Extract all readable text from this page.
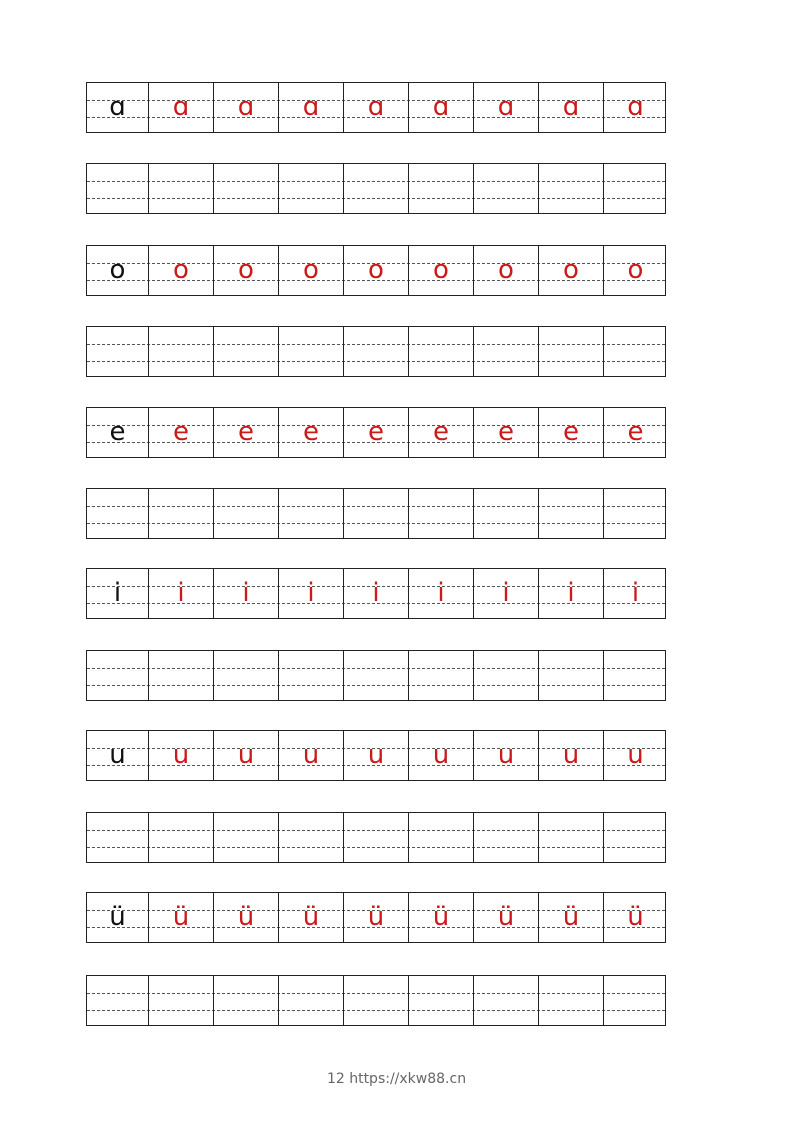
12 https://xkw88.cn
ɑ ɑ ɑ ɑ ɑ ɑ ɑ ɑ ɑ
o o o o o o o o o
e e e e e e e e e
i i i i i i i i i
u u u u u u u u u
ü ü ü ü ü ü ü ü ü
